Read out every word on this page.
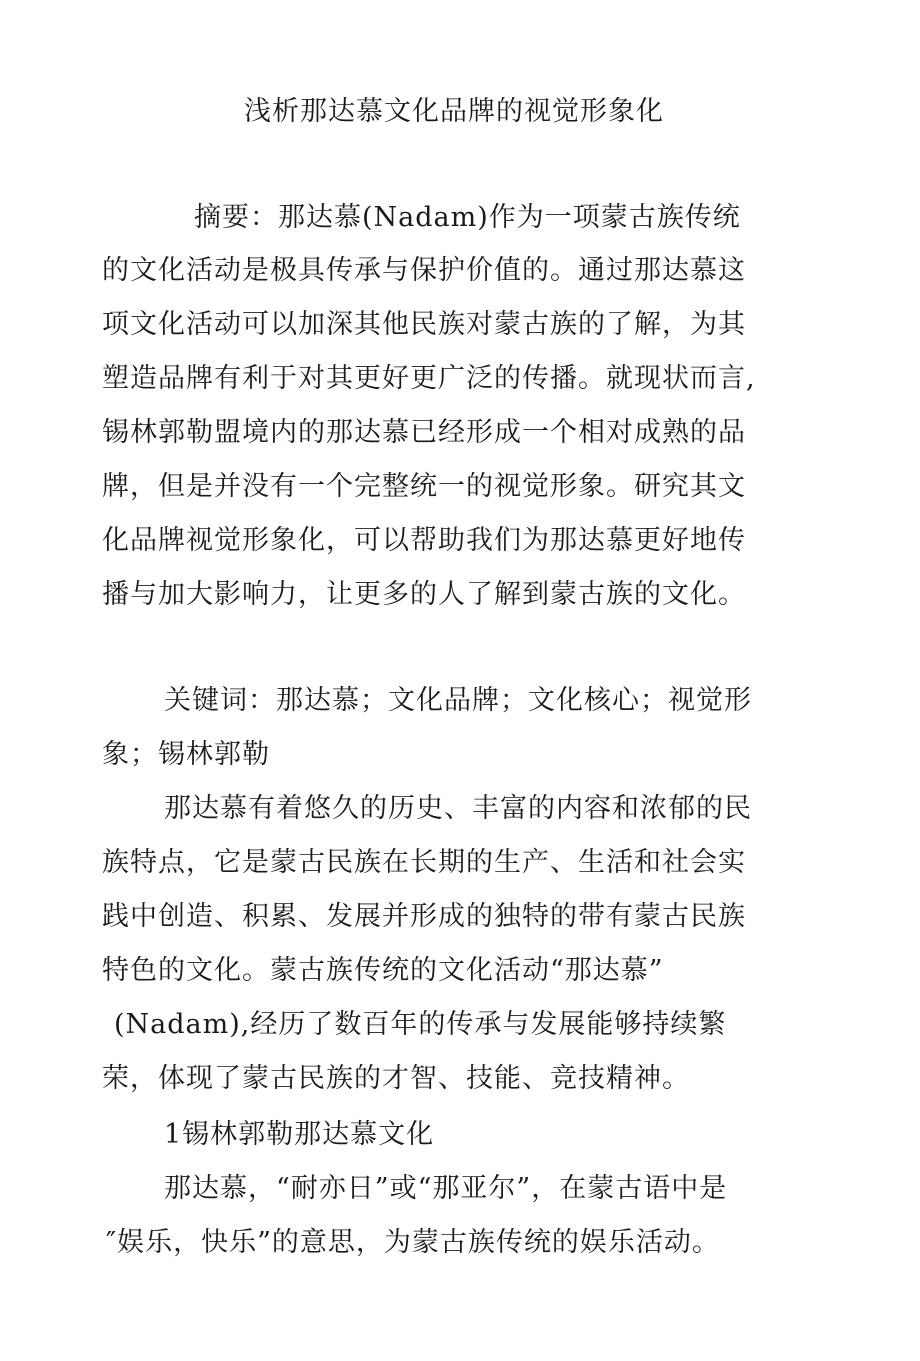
浅析那达慕文化品牌的视觉形象化
摘要：那达慕(Nadam)作为一项蒙古族传统
的文化活动是极具传承与保护价值的。通过那达慕这
项文化活动可以加深其他民族对蒙古族的了解，为其
塑造品牌有利于对其更好更广泛的传播。就现状而言,
锡林郭勒盟境内的那达慕已经形成一个相对成熟的品
牌，但是并没有一个完整统一的视觉形象。研究其文
化品牌视觉形象化，可以帮助我们为那达慕更好地传
播与加大影响力，让更多的人了解到蒙古族的文化。
关键词：那达慕；文化品牌；文化核心；视觉形
象；锡林郭勒
那达慕有着悠久的历史、丰富的内容和浓郁的民
族特点，它是蒙古民族在长期的生产、生活和社会实
践中创造、积累、发展并形成的独特的带有蒙古民族
特色的文化。蒙古族传统的文化活动“那达慕”
(Nadam),经历了数百年的传承与发展能够持续繁
荣，体现了蒙古民族的才智、技能、竞技精神。
1锡林郭勒那达慕文化
那达慕，“耐亦日”或“那亚尔”，在蒙古语中是
″娱乐，快乐”的意思，为蒙古族传统的娱乐活动。
